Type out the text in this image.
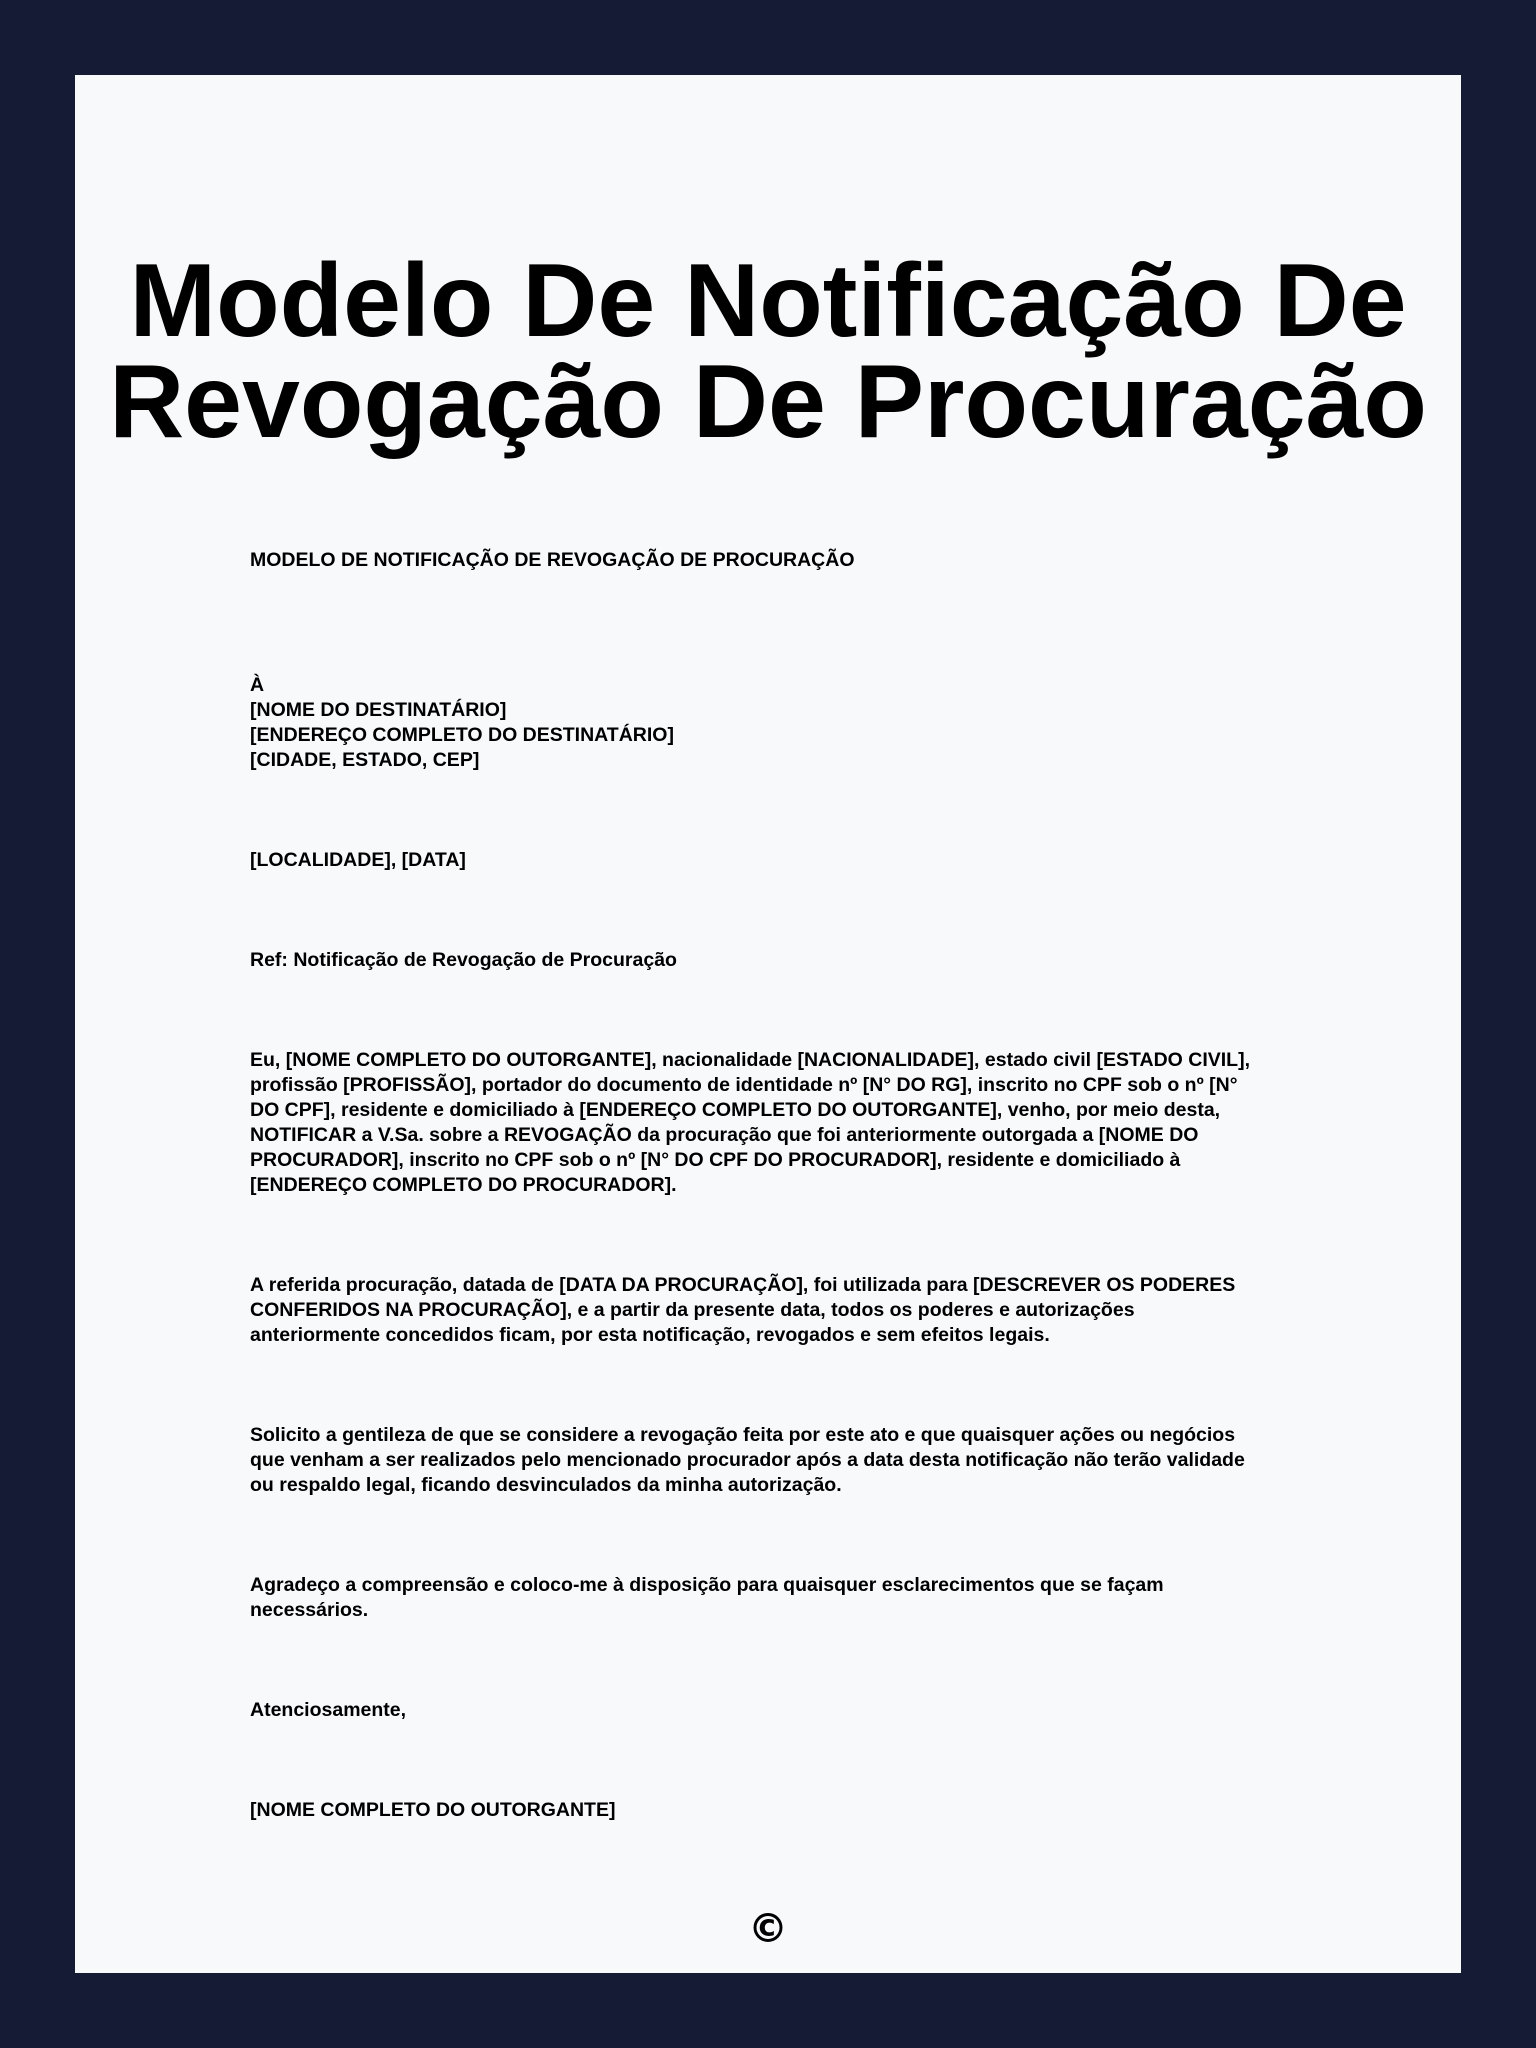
Modelo De Notificação De
Revogação De Procuração

MODELO DE NOTIFICAÇÃO DE REVOGAÇÃO DE PROCURAÇÃO

À
[NOME DO DESTINATÁRIO]
[ENDEREÇO COMPLETO DO DESTINATÁRIO]
[CIDADE, ESTADO, CEP]

[LOCALIDADE], [DATA]

Ref: Notificação de Revogação de Procuração

Eu, [NOME COMPLETO DO OUTORGANTE], nacionalidade [NACIONALIDADE], estado civil [ESTADO CIVIL],
profissão [PROFISSÃO], portador do documento de identidade nº [N° DO RG], inscrito no CPF sob o nº [N°
DO CPF], residente e domiciliado à [ENDEREÇO COMPLETO DO OUTORGANTE], venho, por meio desta,
NOTIFICAR a V.Sa. sobre a REVOGAÇÃO da procuração que foi anteriormente outorgada a [NOME DO
PROCURADOR], inscrito no CPF sob o nº [N° DO CPF DO PROCURADOR], residente e domiciliado à
[ENDEREÇO COMPLETO DO PROCURADOR].
A referida procuração, datada de [DATA DA PROCURAÇÃO], foi utilizada para [DESCREVER OS PODERES
CONFERIDOS NA PROCURAÇÃO], e a partir da presente data, todos os poderes e autorizações
anteriormente concedidos ficam, por esta notificação, revogados e sem efeitos legais.
Solicito a gentileza de que se considere a revogação feita por este ato e que quaisquer ações ou negócios
que venham a ser realizados pelo mencionado procurador após a data desta notificação não terão validade
ou respaldo legal, ficando desvinculados da minha autorização.
Agradeço a compreensão e coloco-me à disposição para quaisquer esclarecimentos que se façam
necessários.

Atenciosamente,

[NOME COMPLETO DO OUTORGANTE]

©
